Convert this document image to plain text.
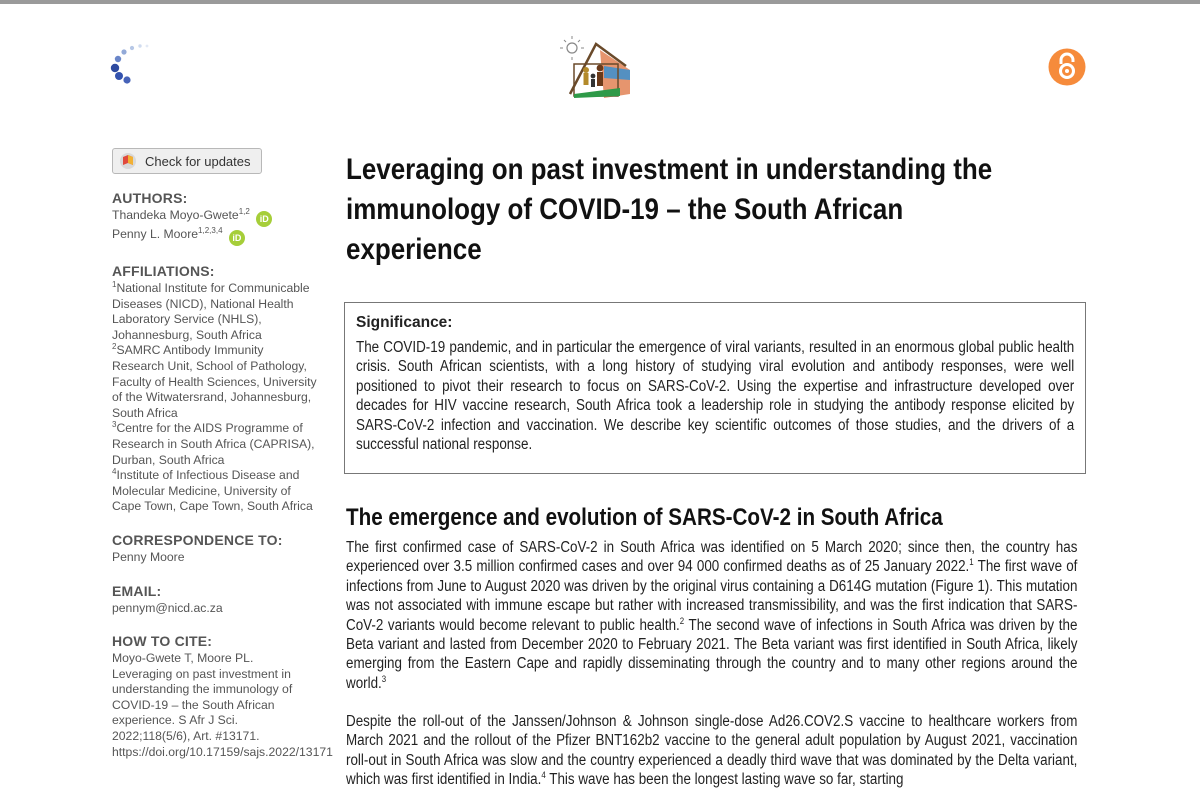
Check for updates
AUTHORS:
Thandeka Moyo-Gwete$^{1,2}$ iD
Penny L. Moore$^{1,2,3,4}$ iD
AFFILIATIONS:
$^1$National Institute for Communicable Diseases (NICD), National Health Laboratory Service (NHLS), Johannesburg, South Africa
$^2$SAMRC Antibody Immunity Research Unit, School of Pathology, Faculty of Health Sciences, University of the Witwatersrand, Johannesburg, South Africa
$^3$Centre for the AIDS Programme of Research in South Africa (CAPRISA), Durban, South Africa
$^4$Institute of Infectious Disease and Molecular Medicine, University of Cape Town, Cape Town, South Africa
CORRESPONDENCE TO:
Penny Moore
EMAIL:
pennym@nicd.ac.za
HOW TO CITE:
Moyo-Gwete T, Moore PL. Leveraging on past investment in understanding the immunology of COVID-19 – the South African experience. S Afr J Sci. 2022;118(5/6), Art. #13171. https://doi.org/10.17159/sajs.2022/13171
Leveraging on past investment in understanding the immunology of COVID-19 – the South African experience
Significance:
The COVID-19 pandemic, and in particular the emergence of viral variants, resulted in an enormous global public health crisis. South African scientists, with a long history of studying viral evolution and antibody responses, were well positioned to pivot their research to focus on SARS-CoV-2. Using the expertise and infrastructure developed over decades for HIV vaccine research, South Africa took a leadership role in studying the antibody response elicited by SARS-CoV-2 infection and vaccination. We describe key scientific outcomes of those studies, and the drivers of a successful national response.
The emergence and evolution of SARS-CoV-2 in South Africa
The first confirmed case of SARS-CoV-2 in South Africa was identified on 5 March 2020; since then, the country has experienced over 3.5 million confirmed cases and over 94 000 confirmed deaths as of 25 January 2022.$^1$ The first wave of infections from June to August 2020 was driven by the original virus containing a D614G mutation (Figure 1). This mutation was not associated with immune escape but rather with increased transmissibility, and was the first indication that SARS-CoV-2 variants would become relevant to public health.$^2$ The second wave of infections in South Africa was driven by the Beta variant and lasted from December 2020 to February 2021. The Beta variant was first identified in South Africa, likely emerging from the Eastern Cape and rapidly disseminating through the country and to many other regions around the world.$^3$
Despite the roll-out of the Janssen/Johnson & Johnson single-dose Ad26.COV2.S vaccine to healthcare workers from March 2021 and the rollout of the Pfizer BNT162b2 vaccine to the general adult population by August 2021, vaccination roll-out in South Africa was slow and the country experienced a deadly third wave that was dominated by the Delta variant, which was first identified in India.$^4$ This wave has been the longest lasting wave so far, starting
